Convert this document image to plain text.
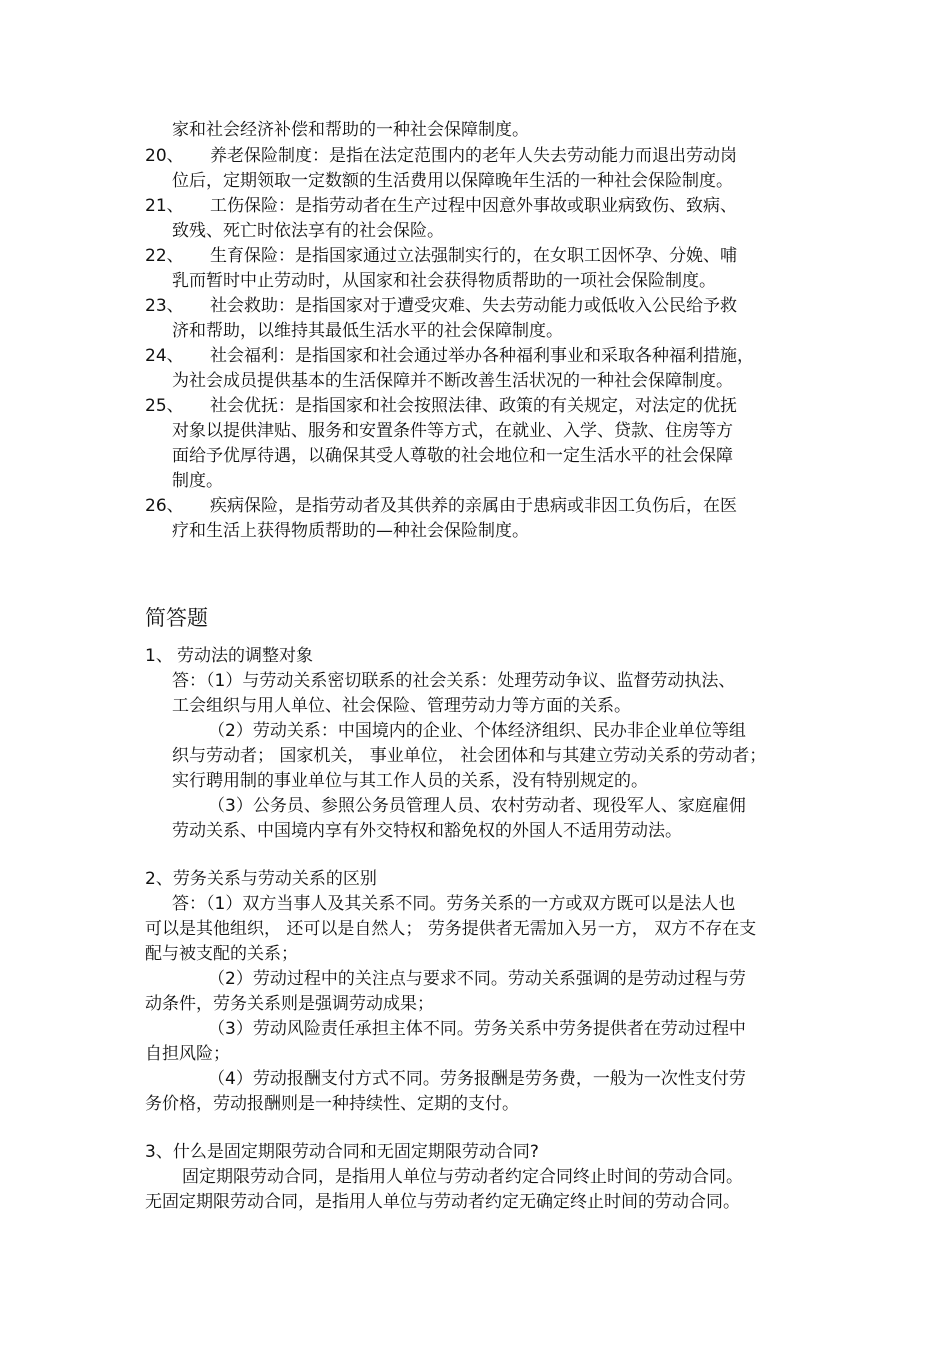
家和社会经济补偿和帮助的一种社会保障制度。
20、 养老保险制度：是指在法定范围内的老年人失去劳动能力而退出劳动岗
位后，定期领取一定数额的生活费用以保障晚年生活的一种社会保险制度。
21、 工伤保险：是指劳动者在生产过程中因意外事故或职业病致伤、致病、
致残、死亡时依法享有的社会保险。
22、 生育保险：是指国家通过立法强制实行的，在女职工因怀孕、分娩、哺
乳而暂时中止劳动时，从国家和社会获得物质帮助的一项社会保险制度。
23、 社会救助：是指国家对于遭受灾难、失去劳动能力或低收入公民给予救
济和帮助，以维持其最低生活水平的社会保障制度。
24、 社会福利：是指国家和社会通过举办各种福利事业和采取各种福利措施，
为社会成员提供基本的生活保障并不断改善生活状况的一种社会保障制度。
25、 社会优抚：是指国家和社会按照法律、政策的有关规定，对法定的优抚
对象以提供津贴、服务和安置条件等方式，在就业、入学、贷款、住房等方
面给予优厚待遇，以确保其受人尊敬的社会地位和一定生活水平的社会保障
制度。
26、 疾病保险，是指劳动者及其供养的亲属由于患病或非因工负伤后，在医
疗和生活上获得物质帮助的—种社会保险制度。
简答题
1、 劳动法的调整对象
答：（1）与劳动关系密切联系的社会关系：处理劳动争议、监督劳动执法、
工会组织与用人单位、社会保险、管理劳动力等方面的关系。
（2）劳动关系：中国境内的企业、个体经济组织、民办非企业单位等组
织与劳动者； 国家机关， 事业单位， 社会团体和与其建立劳动关系的劳动者；
实行聘用制的事业单位与其工作人员的关系，没有特别规定的。
（3）公务员、参照公务员管理人员、农村劳动者、现役军人、家庭雇佣
劳动关系、中国境内享有外交特权和豁免权的外国人不适用劳动法。
2、劳务关系与劳动关系的区别
答：（1）双方当事人及其关系不同。劳务关系的一方或双方既可以是法人也
可以是其他组织， 还可以是自然人； 劳务提供者无需加入另一方， 双方不存在支
配与被支配的关系；
（2）劳动过程中的关注点与要求不同。劳动关系强调的是劳动过程与劳
动条件，劳务关系则是强调劳动成果；
（3）劳动风险责任承担主体不同。劳务关系中劳务提供者在劳动过程中
自担风险；
（4）劳动报酬支付方式不同。劳务报酬是劳务费，一般为一次性支付劳
务价格，劳动报酬则是一种持续性、定期的支付。
3、什么是固定期限劳动合同和无固定期限劳动合同?
固定期限劳动合同，是指用人单位与劳动者约定合同终止时间的劳动合同。
无固定期限劳动合同，是指用人单位与劳动者约定无确定终止时间的劳动合同。
